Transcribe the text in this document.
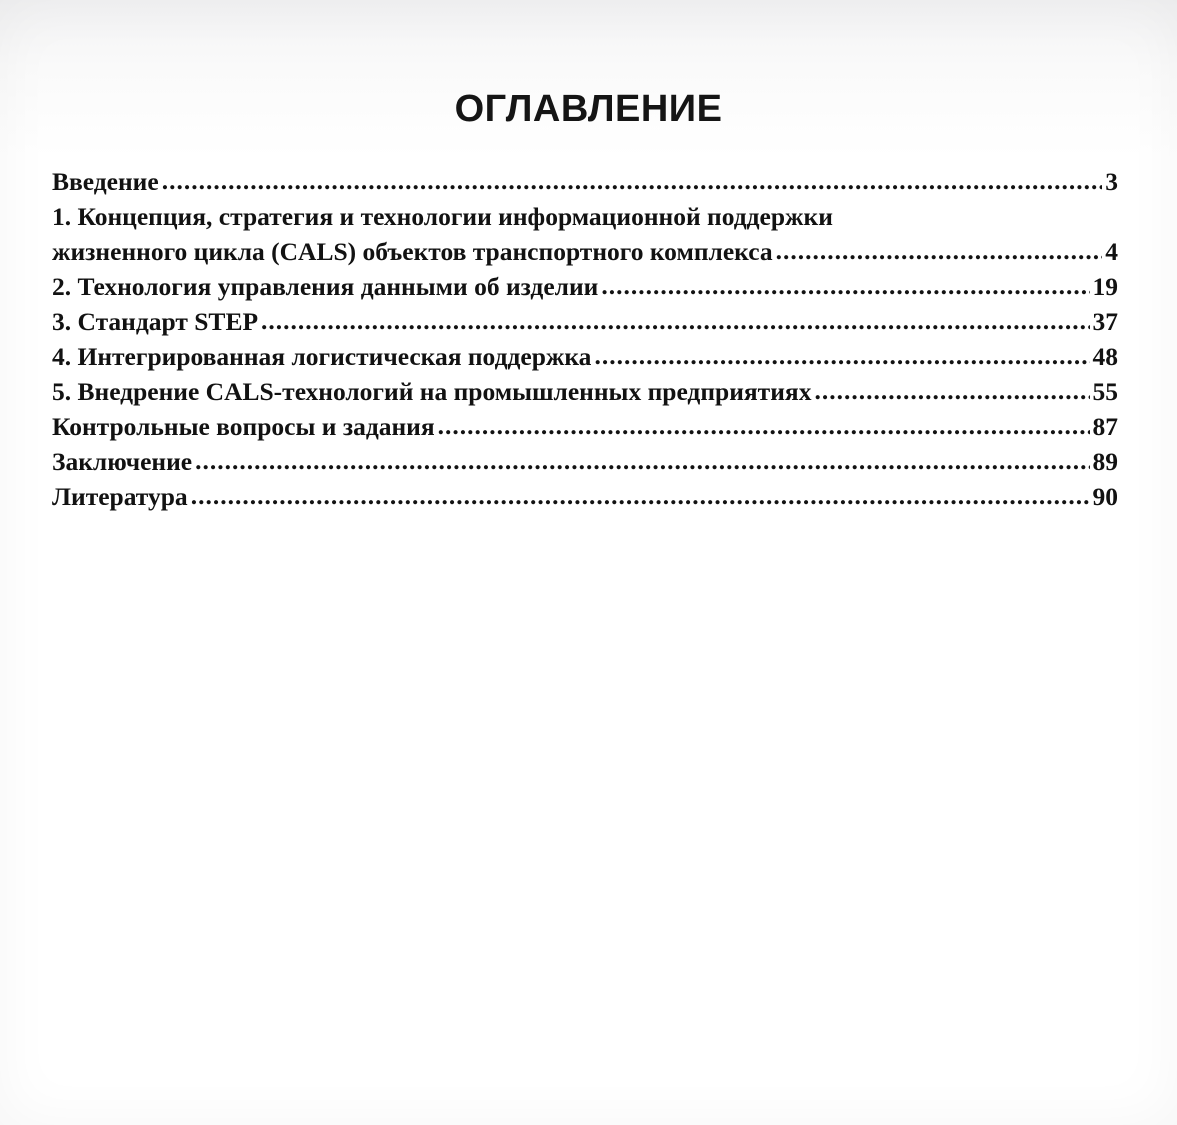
ОГЛАВЛЕНИЕ
Введение .....	3
1. Концепция, стратегия и технологии информационной поддержки
жизненного цикла (CALS) объектов транспортного комплекса .....	4
2. Технология управления данными об изделии .....	19
3. Стандарт STEP .....	37
4. Интегрированная логистическая поддержка .....	48
5. Внедрение CALS-технологий на промышленных предприятиях .....	55
Контрольные вопросы и задания .....	87
Заключение .....	89
Литература .....	90
